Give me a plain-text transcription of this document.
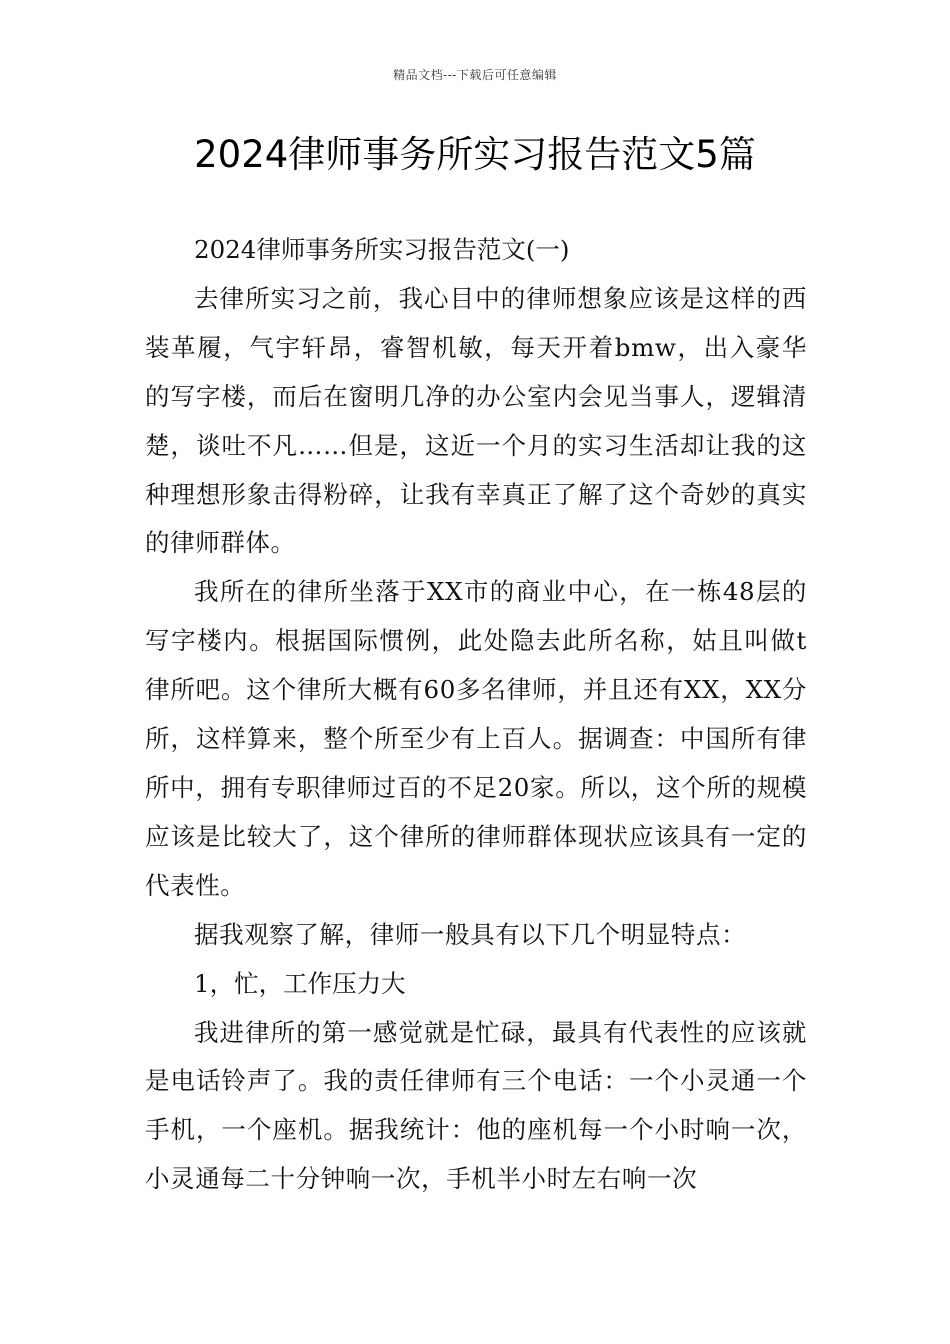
精品文档---下载后可任意编辑
2024律师事务所实习报告范文5篇

2024律师事务所实习报告范文(一)

去律所实习之前，我心目中的律师想象应该是这样的西装革履，气宇轩昂，睿智机敏，每天开着bmw，出入豪华的写字楼，而后在窗明几净的办公室内会见当事人，逻辑清楚，谈吐不凡……但是，这近一个月的实习生活却让我的这种理想形象击得粉碎，让我有幸真正了解了这个奇妙的真实的律师群体。

我所在的律所坐落于XX市的商业中心，在一栋48层的写字楼内。根据国际惯例，此处隐去此所名称，姑且叫做t律所吧。这个律所大概有60多名律师，并且还有XX，XX分所，这样算来，整个所至少有上百人。据调查：中国所有律所中，拥有专职律师过百的不足20家。所以，这个所的规模应该是比较大了，这个律所的律师群体现状应该具有一定的代表性。

据我观察了解，律师一般具有以下几个明显特点：

1，忙，工作压力大

我进律所的第一感觉就是忙碌，最具有代表性的应该就是电话铃声了。我的责任律师有三个电话：一个小灵通一个手机，一个座机。据我统计：他的座机每一个小时响一次，小灵通每二十分钟响一次，手机半小时左右响一次
